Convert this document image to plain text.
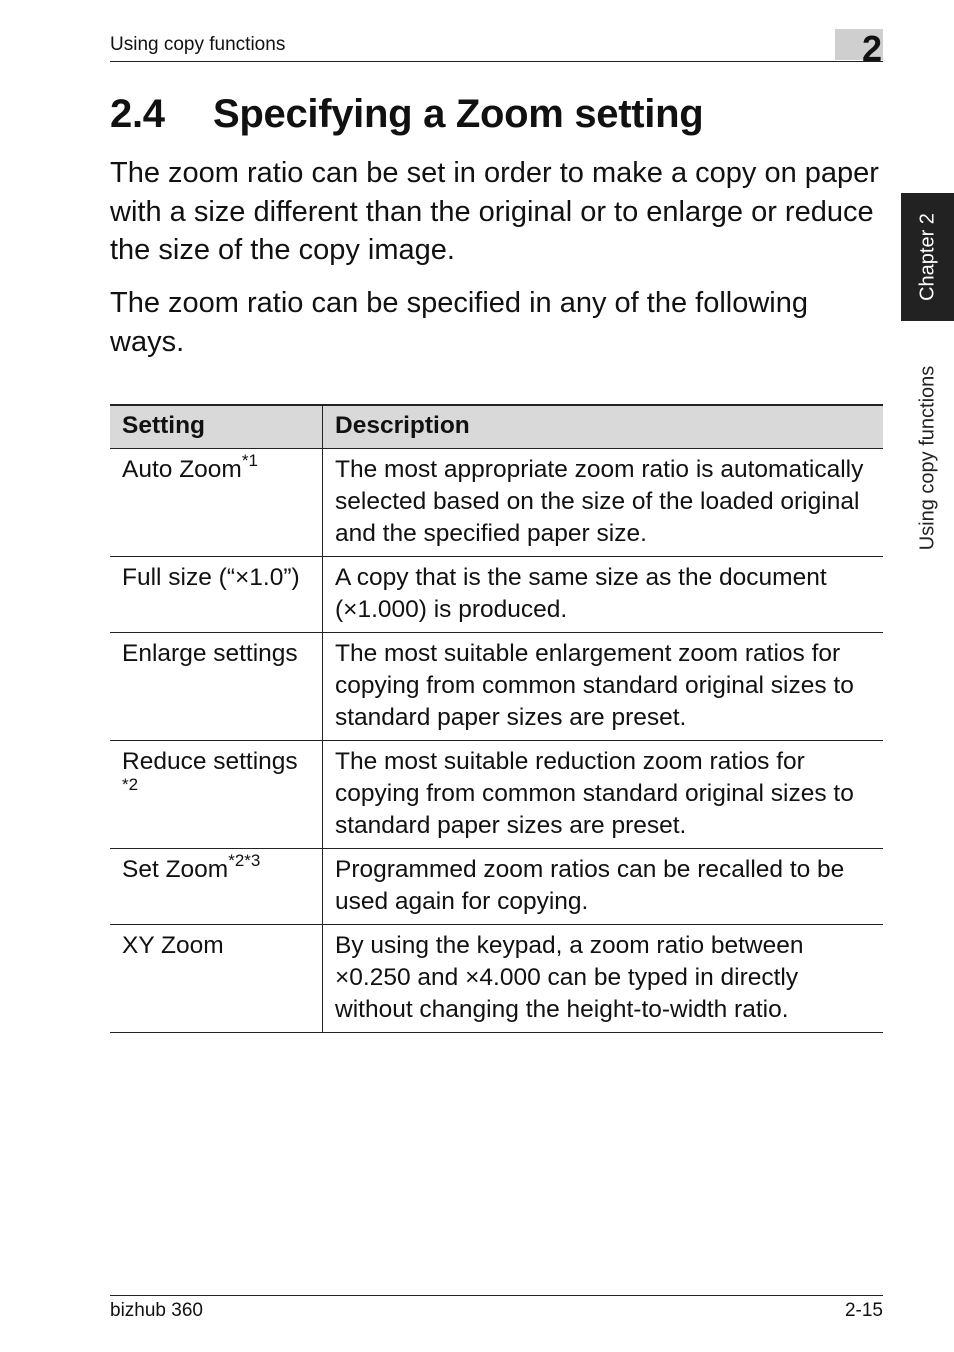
Using copy functions	2
Chapter 2
Using copy functions
2.4 Specifying a Zoom setting

The zoom ratio can be set in order to make a copy on paper with a size different than the original or to enlarge or reduce the size of the copy image.

The zoom ratio can be specified in any of the following ways.

Setting	Description
Auto Zoom$^{*1}$	The most appropriate zoom ratio is automatically selected based on the size of the loaded original and the specified paper size.
Full size (“×1.0”)	A copy that is the same size as the document (×1.000) is produced.
Enlarge settings	The most suitable enlargement zoom ratios for copying from common standard original sizes to standard paper sizes are preset.
Reduce settings $^{*2}$	The most suitable reduction zoom ratios for copying from common standard original sizes to standard paper sizes are preset.
Set Zoom$^{*2*3}$	Programmed zoom ratios can be recalled to be used again for copying.
XY Zoom	By using the keypad, a zoom ratio between ×0.250 and ×4.000 can be typed in directly without changing the height-to-width ratio.
bizhub 360	2-15
